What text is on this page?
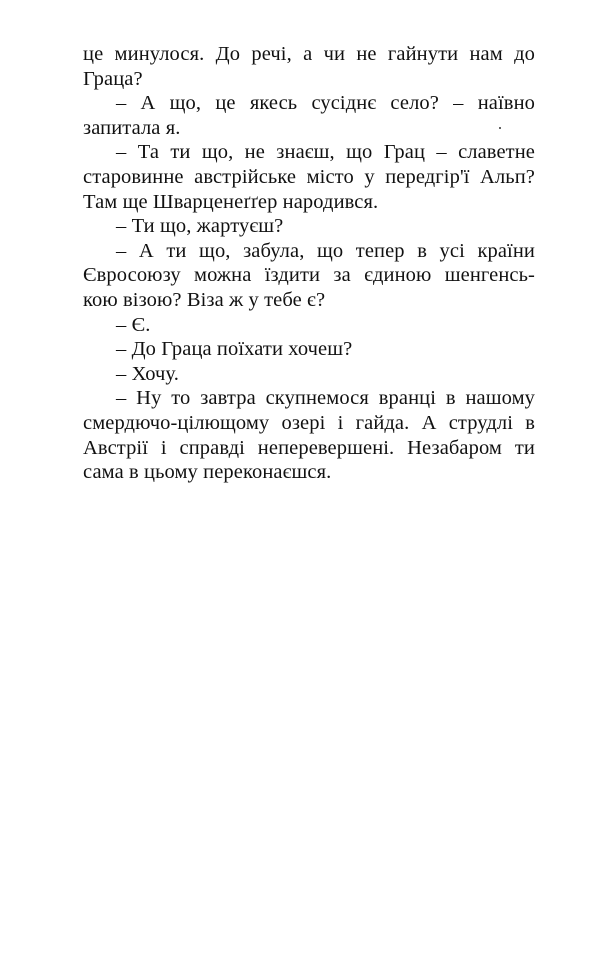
це минулося. До речі, а чи не гайнути нам до
Граца?
– А що, це якесь сусіднє село? – наївно
запитала я.
– Та ти що, не знаєш, що Грац – славетне
старовинне австрійське місто у передгір'ї Альп?
Там ще Шварценеґґер народився.
– Ти що, жартуєш?
– А ти що, забула, що тепер в усі країни
Євросоюзу можна їздити за єдиною шенгенсь-
кою візою? Віза ж у тебе є?
– Є.
– До Граца поїхати хочеш?
– Хочу.
– Ну то завтра скупнемося вранці в нашому
смердючо-цілющому озері і гайда. А струдлі в
Австрії і справді неперевершені. Незабаром ти
сама в цьому переконаєшся.
